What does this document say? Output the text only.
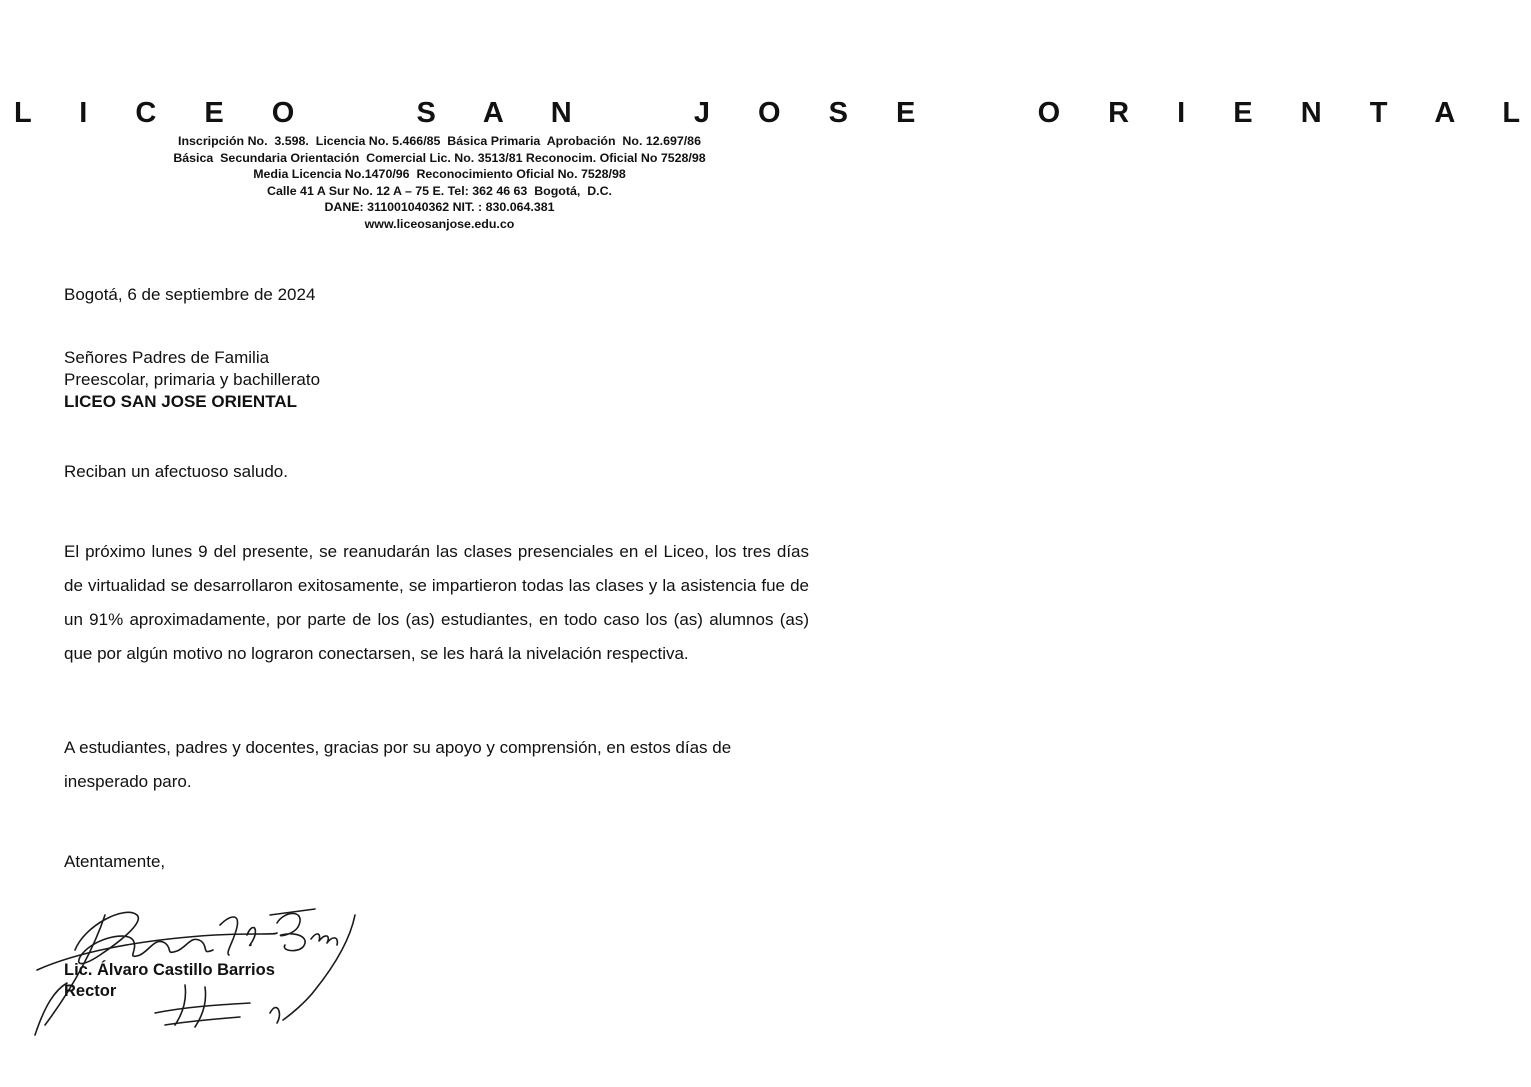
L I C E O   S A N   J O S E   O R I E N T A L
Inscripción No.  3.598.  Licencia No. 5.466/85  Básica Primaria  Aprobación  No. 12.697/86
Básica  Secundaria Orientación  Comercial Lic. No. 3513/81 Reconocim. Oficial No 7528/98
Media Licencia No.1470/96  Reconocimiento Oficial No. 7528/98
Calle 41 A Sur No. 12 A – 75 E. Tel: 362 46 63  Bogotá,  D.C.
DANE: 311001040362 NIT. : 830.064.381
www.liceosanjose.edu.co
Bogotá, 6 de septiembre de 2024
Señores Padres de Familia
Preescolar, primaria y bachillerato
LICEO SAN JOSE ORIENTAL
Reciban un afectuoso saludo.
El próximo lunes 9 del presente, se reanudarán las clases presenciales en el Liceo, los tres días de virtualidad se desarrollaron exitosamente, se impartieron todas las clases y la asistencia fue de un 91% aproximadamente, por parte de los (as) estudiantes, en todo caso los (as) alumnos (as) que por algún motivo no lograron conectarsen, se les hará la nivelación respectiva.
A estudiantes, padres y docentes, gracias por su apoyo y comprensión, en estos días de inesperado paro.
Atentamente,
Lic. Álvaro Castillo Barrios
Rector
